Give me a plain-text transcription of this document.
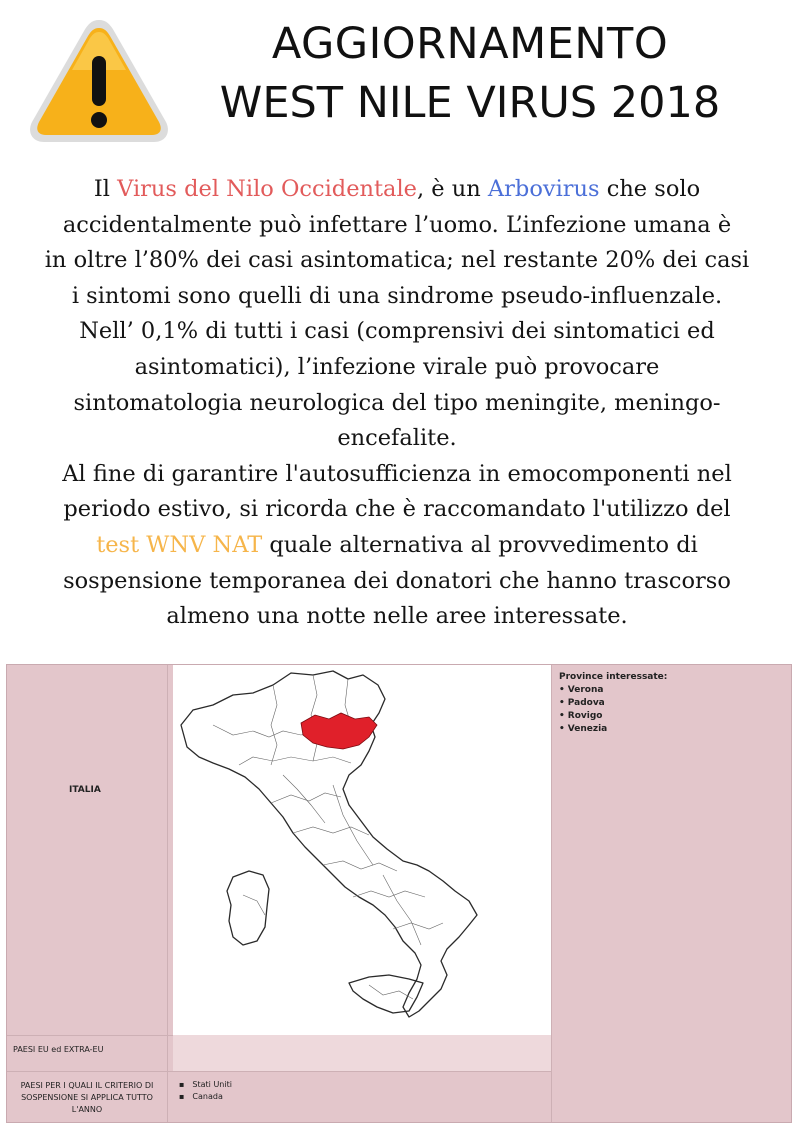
AGGIORNAMENTO
WEST NILE VIRUS 2018

Il Virus del Nilo Occidentale, è un Arbovirus che solo

accidentalmente può infettare l’uomo. L’infezione umana è

in oltre l’80% dei casi asintomatica; nel restante 20% dei casi

i sintomi sono quelli di una sindrome pseudo-influenzale.

Nell’ 0,1% di tutti i casi (comprensivi dei sintomatici ed

asintomatici), l’infezione virale può provocare

sintomatologia neurologica del tipo meningite, meningo-

encefalite.

Al fine di garantire l'autosufficienza in emocomponenti nel

periodo estivo, si ricorda che è raccomandato l'utilizzo del

test WNV NAT quale alternativa al provvedimento di

sospensione temporanea dei donatori che hanno trascorso

almeno una notte nelle aree interessate.

ITALIA
Province interessate:
• Verona
• Padova
• Rovigo
• Venezia
PAESI EU ed EXTRA-EU
PAESI PER I QUALI IL CRITERIO DI
SOSPENSIONE SI APPLICA TUTTO
L'ANNO
▪ Stati Uniti
▪ Canada
